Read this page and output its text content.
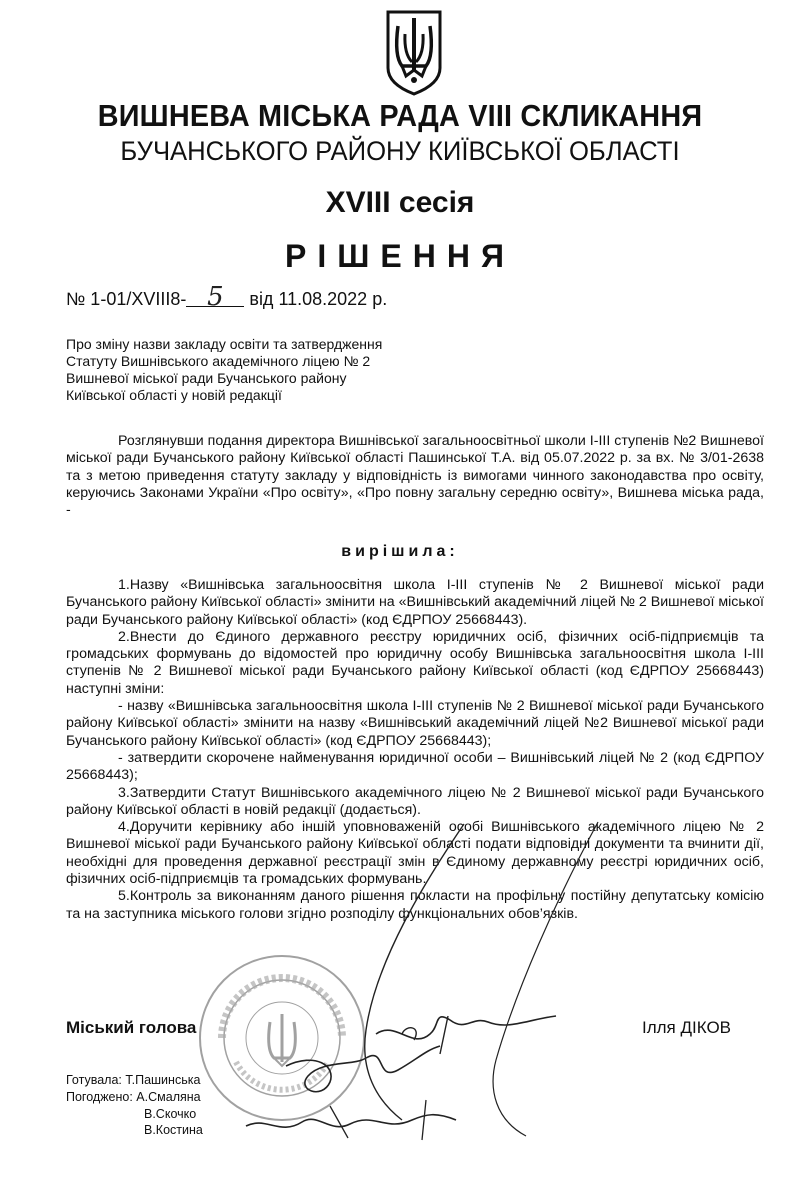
ВИШНЕВА МІСЬКА РАДА VIII СКЛИКАННЯ
БУЧАНСЬКОГО РАЙОНУ КИЇВСЬКОЇ ОБЛАСТІ
XVIII сесія
РІШЕННЯ
№ 1-01/XVIII8- 5 від 11.08.2022 р.
Про зміну назви закладу освіти та затвердження Статуту Вишнівського академічного ліцею № 2 Вишневої міської ради Бучанського району Київської області у новій редакції
Розглянувши подання директора Вишнівської загальноосвітньої школи І-ІІІ ступенів №2 Вишневої міської ради Бучанського району Київської області Пашинської Т.А. від 05.07.2022 р. за вх. № 3/01-2638 та з метою приведення статуту закладу у відповідність із вимогами чинного законодавства про освіту, керуючись Законами України «Про освіту», «Про повну загальну середню освіту», Вишнева міська рада, -
вирішила:

1.Назву «Вишнівська загальноосвітня школа І-ІІІ ступенів № 2 Вишневої міської ради Бучанського району Київської області» змінити на «Вишнівський академічний ліцей № 2 Вишневої міської ради Бучанського району Київської області» (код ЄДРПОУ 25668443).

2.Внести до Єдиного державного реєстру юридичних осіб, фізичних осіб-підприємців та громадських формувань до відомостей про юридичну особу Вишнівська загальноосвітня школа І-ІІІ ступенів № 2 Вишневої міської ради Бучанського району Київської області (код ЄДРПОУ 25668443) наступні зміни:

- назву «Вишнівська загальноосвітня школа І-ІІІ ступенів № 2 Вишневої міської ради Бучанського району Київської області» змінити на назву «Вишнівський академічний ліцей №2 Вишневої міської ради Бучанського району Київської області» (код ЄДРПОУ 25668443);

- затвердити скорочене найменування юридичної особи – Вишнівський ліцей № 2 (код ЄДРПОУ 25668443);

3.Затвердити Статут Вишнівського академічного ліцею № 2 Вишневої міської ради Бучанського району Київської області в новій редакції (додається).

4.Доручити керівнику або іншій уповноваженій особі Вишнівського академічного ліцею № 2 Вишневої міської ради Бучанського району Київської області подати відповідні документи та вчинити дії, необхідні для проведення державної реєстрації змін в Єдиному державному реєстрі юридичних осіб, фізичних осіб-підприємців та громадських формувань.

5.Контроль за виконанням даного рішення покласти на профільну постійну депутатську комісію та на заступника міського голови згідно розподілу функціональних обов’язків.

Міський голова	Ілля ДІКОВ
Готувала: Т.Пашинська
Погоджено: А.Смаляна
В.Скочко
В.Костина
